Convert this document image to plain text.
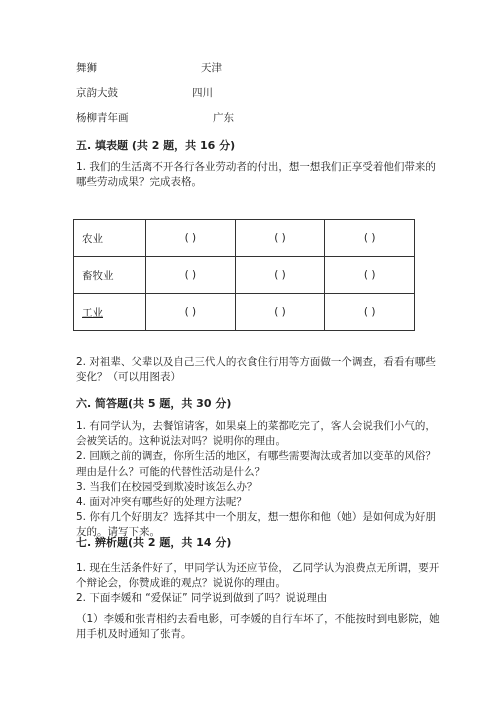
舞狮	天津
京韵大鼓	四川
杨柳青年画	广东
五. 填表题 (共 2 题，共 16 分)
1. 我们的生活离不开各行各业劳动者的付出，想一想我们正享受着他们带来的
哪些劳动成果？完成表格。
农业	( )	( )	( )
畜牧业	( )	( )	( )
工业	( )	( )	( )
2. 对祖辈、父辈以及自己三代人的衣食住行用等方面做一个调查，看看有哪些
变化？（可以用图表）
六. 简答题(共 5 题，共 30 分)
1. 有同学认为，去餐馆请客，如果桌上的菜都吃完了，客人会说我们小气的，
会被笑话的。这种说法对吗？说明你的理由。
2. 回顾之前的调查，你所生活的地区，有哪些需要淘汰或者加以变革的风俗？
理由是什么？可能的代替性活动是什么？
3. 当我们在校园受到欺凌时该怎么办？
4. 面对冲突有哪些好的处理方法呢？
5. 你有几个好朋友？选择其中一个朋友，想一想你和他（她）是如何成为好朋
友的。请写下来。
七. 辨析题(共 2 题，共 14 分)
1. 现在生活条件好了，甲同学认为还应节俭， 乙同学认为浪费点无所谓，要开
个辩论会，你赞成谁的观点？说说你的理由。
2. 下面李媛和 “爱保证” 同学说到做到了吗？说说理由
（1）李媛和张青相约去看电影，可李媛的自行车坏了，不能按时到电影院，她
用手机及时通知了张青。
